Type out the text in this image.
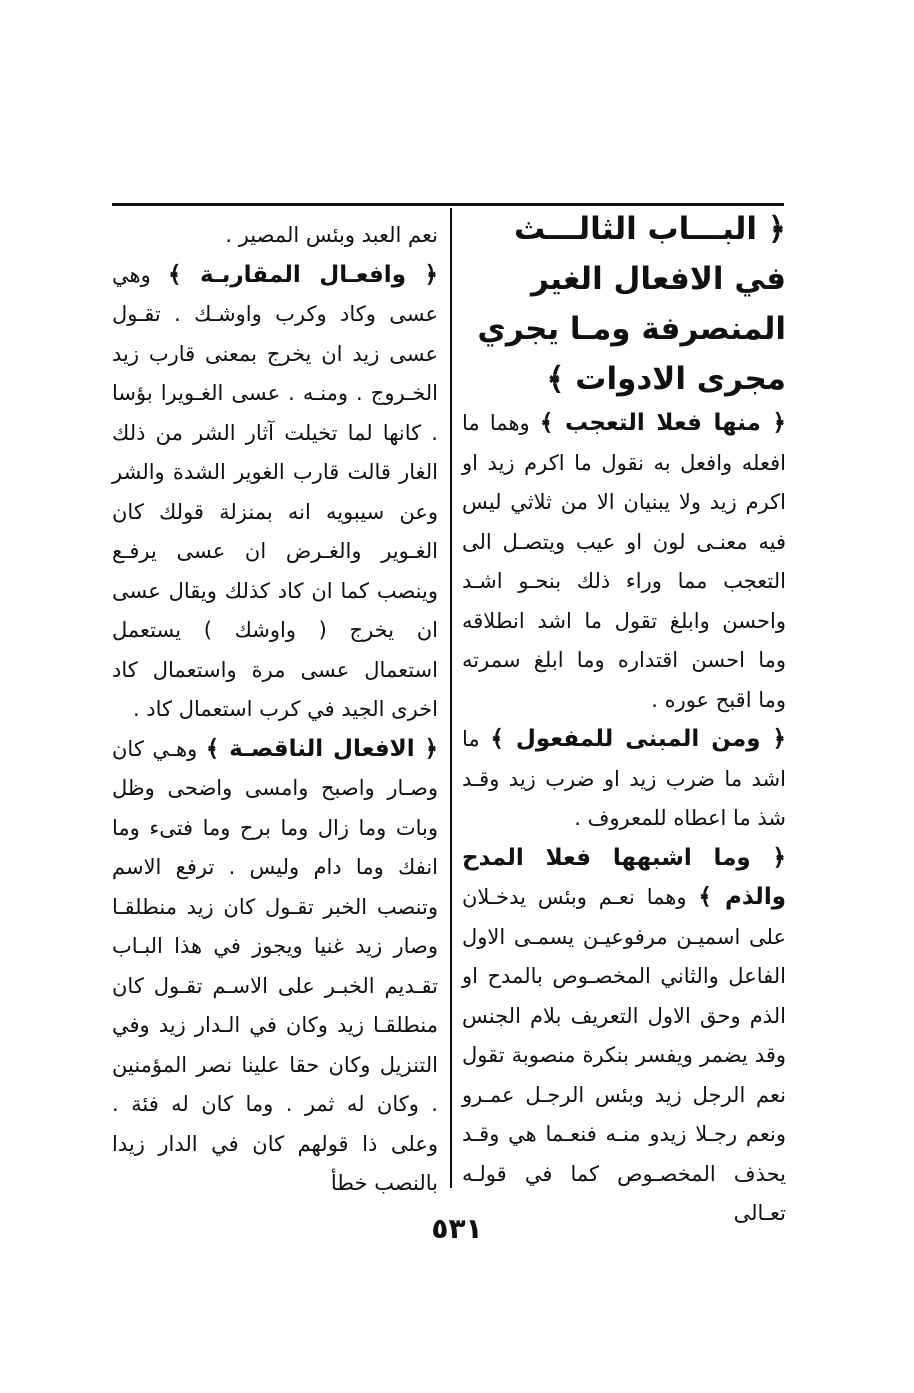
﴿ البـــاب الثالـــث في الافعال الغير المنصرفة ومـا يجري مجرى الادوات ﴾

﴿ منها فعلا التعجب ﴾ وهما ما افعله وافعل به نقول ما اكرم زيد او اكرم زيد ولا يبنيان الا من ثلاثي ليس فيه معنـى لون او عيب ويتصـل الى التعجب مما وراء ذلك بنحـو اشـد واحسن وابلغ تقول ما اشد انطلاقه وما احسن اقتداره وما ابلغ سمرته وما اقبح عوره .

﴿ ومن المبنى للمفعول ﴾ ما اشد ما ضرب زيد او ضرب زيد وقـد شذ ما اعطاه للمعروف .

﴿ وما اشبهها فعلا المدح والذم ﴾ وهما نعـم وبئس يدخـلان على اسميـن مرفوعيـن يسمـى الاول الفاعل والثاني المخصـوص بالمدح او الذم وحق الاول التعريف بلام الجنس وقد يضمر ويفسر بنكرة منصوبة تقول نعم الرجل زيد وبئس الرجـل عمـرو ونعم رجـلا زيدو منـه فنعـما هي وقـد يحذف المخصـوص كما في قولـه تعـالى

نعم العبد وبئس المصير .

﴿ وافعـال المقاربـة ﴾ وهي عسى وكاد وكرب واوشـك . تقـول عسى زيد ان يخرج بمعنى قارب زيد الخـروج . ومنـه . عسى الغـويرا بؤسا . كانها لما تخيلت آثار الشر من ذلك الغار قالت قارب الغوير الشدة والشر وعن سيبويه انه بمنزلة قولك كان الغـوير والغـرض ان عسى يرفـع وينصب كما ان كاد كذلك ويقال عسى ان يخرج ( واوشك ) يستعمل استعمال عسى مرة واستعمال كاد اخرى الجيد في كرب استعمال كاد .

﴿ الافعال الناقصـة ﴾ وهـي كان وصـار واصبح وامسى واضحى وظل وبات وما زال وما برح وما فتىء وما انفك وما دام وليس . ترفع الاسم وتنصب الخبر تقـول كان زيد منطلقـا وصار زيد غنيا ويجوز في هذا البـاب تقـديم الخبـر على الاسـم تقـول كان منطلقـا زيد وكان في الـدار زيد وفي التنزيل وكان حقا علينا نصر المؤمنين . وكان له ثمر . وما كان له فئة . وعلى ذا قولهم كان في الدار زيدا بالنصب خطأ

٥٣١
